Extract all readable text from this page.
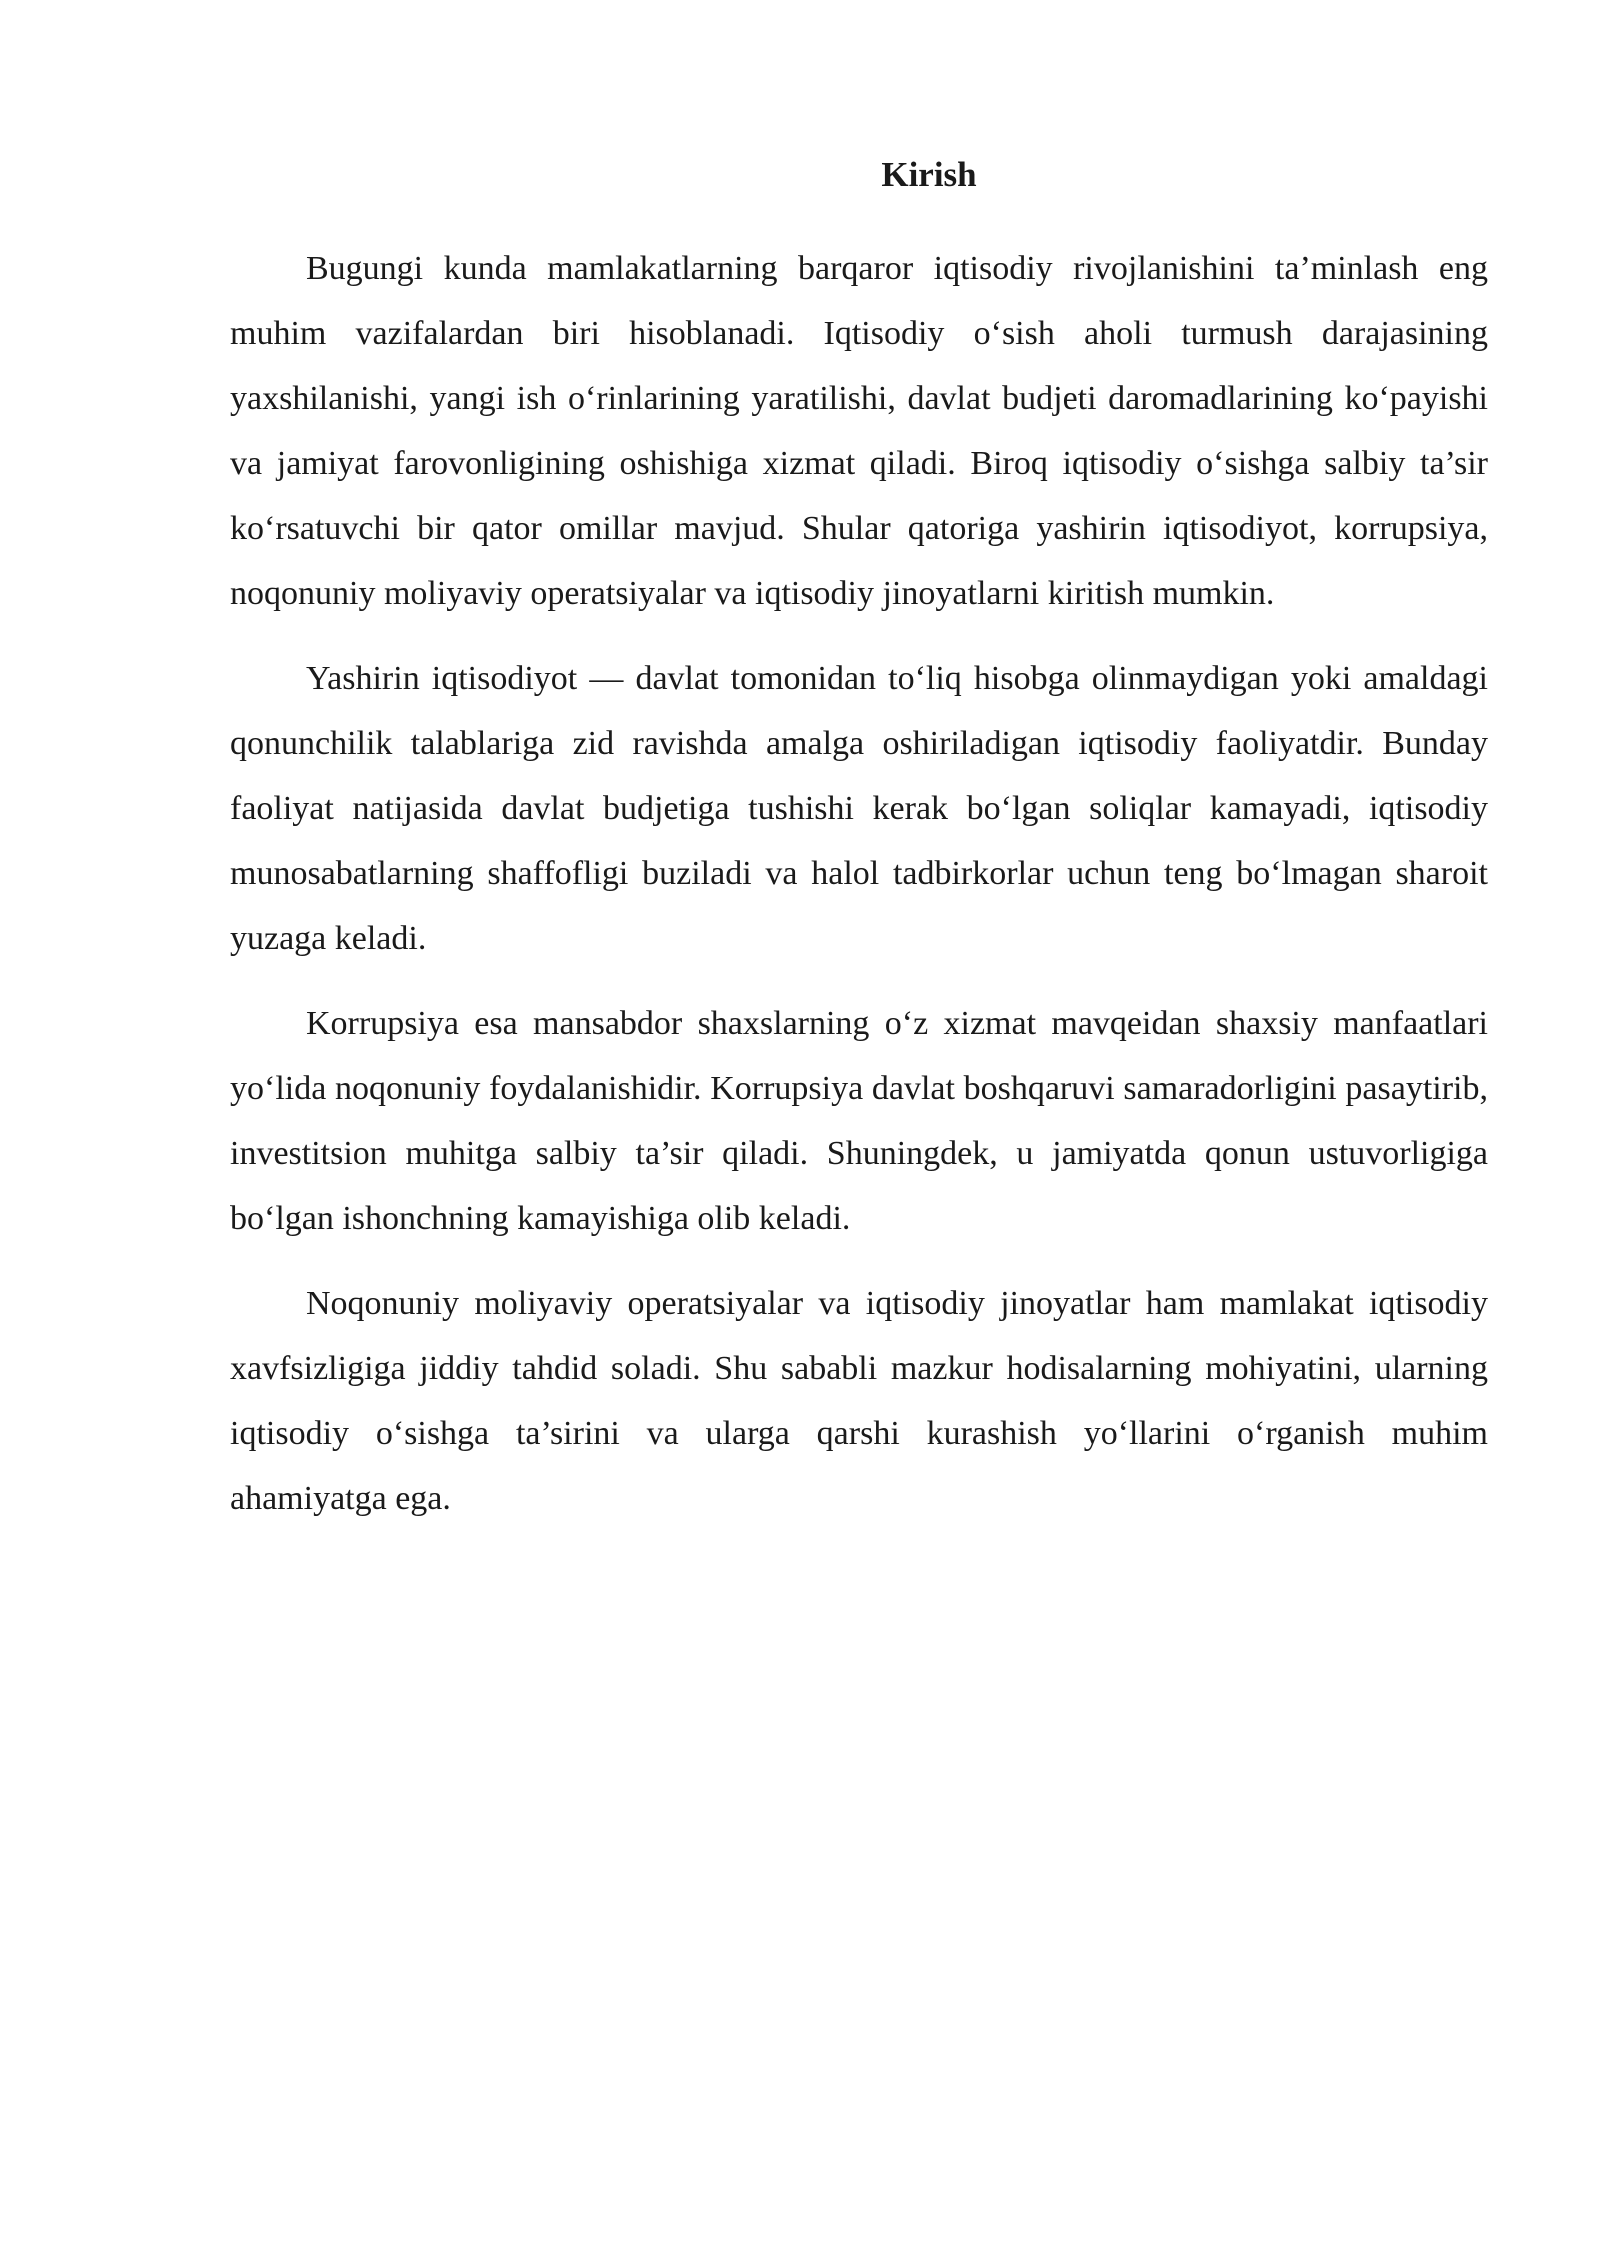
Kirish

Bugungi kunda mamlakatlarning barqaror iqtisodiy rivojlanishini ta’minlash eng muhim vazifalardan biri hisoblanadi. Iqtisodiy o‘sish aholi turmush darajasining yaxshilanishi, yangi ish o‘rinlarining yaratilishi, davlat budjeti daromadlarining ko‘payishi va jamiyat farovonligining oshishiga xizmat qiladi. Biroq iqtisodiy o‘sishga salbiy ta’sir ko‘rsatuvchi bir qator omillar mavjud. Shular qatoriga yashirin iqtisodiyot, korrupsiya, noqonuniy moliyaviy operatsiyalar va iqtisodiy jinoyatlarni kiritish mumkin.

Yashirin iqtisodiyot — davlat tomonidan to‘liq hisobga olinmaydigan yoki amaldagi qonunchilik talablariga zid ravishda amalga oshiriladigan iqtisodiy faoliyatdir. Bunday faoliyat natijasida davlat budjetiga tushishi kerak bo‘lgan soliqlar kamayadi, iqtisodiy munosabatlarning shaffofligi buziladi va halol tadbirkorlar uchun teng bo‘lmagan sharoit yuzaga keladi.

Korrupsiya esa mansabdor shaxslarning o‘z xizmat mavqeidan shaxsiy manfaatlari yo‘lida noqonuniy foydalanishidir. Korrupsiya davlat boshqaruvi samaradorligini pasaytirib, investitsion muhitga salbiy ta’sir qiladi. Shuningdek, u jamiyatda qonun ustuvorligiga bo‘lgan ishonchning kamayishiga olib keladi.

Noqonuniy moliyaviy operatsiyalar va iqtisodiy jinoyatlar ham mamlakat iqtisodiy xavfsizligiga jiddiy tahdid soladi. Shu sababli mazkur hodisalarning mohiyatini, ularning iqtisodiy o‘sishga ta’sirini va ularga qarshi kurashish yo‘llarini o‘rganish muhim ahamiyatga ega.
